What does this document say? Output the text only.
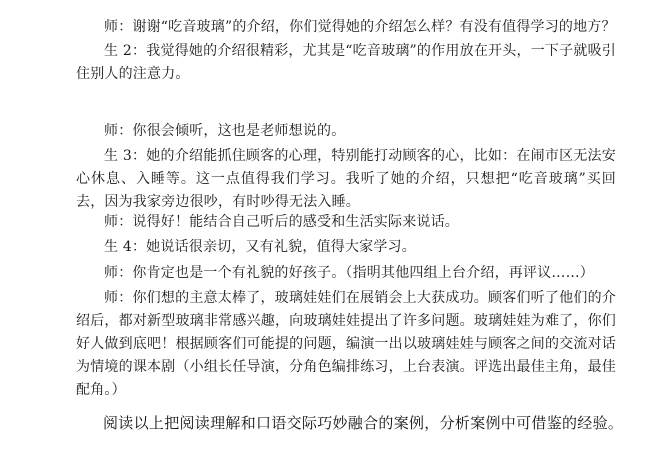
师：谢谢“吃音玻璃”的介绍，你们觉得她的介绍怎么样？有没有值得学习的地方？

生 2：我觉得她的介绍很精彩，尤其是“吃音玻璃”的作用放在开头，一下子就吸引住别人的注意力。

师：你很会倾听，这也是老师想说的。

生 3：她的介绍能抓住顾客的心理，特别能打动顾客的心，比如：在闹市区无法安心休息、入睡等。这一点值得我们学习。我听了她的介绍，只想把“吃音玻璃”买回去，因为我家旁边很吵，有时吵得无法入睡。

师：说得好！能结合自己听后的感受和生活实际来说话。

生 4：她说话很亲切，又有礼貌，值得大家学习。

师：你肯定也是一个有礼貌的好孩子。（指明其他四组上台介绍，再评议……）

师：你们想的主意太棒了，玻璃娃娃们在展销会上大获成功。顾客们听了他们的介绍后，都对新型玻璃非常感兴趣，向玻璃娃娃提出了许多问题。玻璃娃娃为难了，你们好人做到底吧！根据顾客们可能提的问题，编演一出以玻璃娃娃与顾客之间的交流对话为情境的课本剧（小组长任导演，分角色编排练习，上台表演。评选出最佳主角，最佳配角。）

阅读以上把阅读理解和口语交际巧妙融合的案例，分析案例中可借鉴的经验。
